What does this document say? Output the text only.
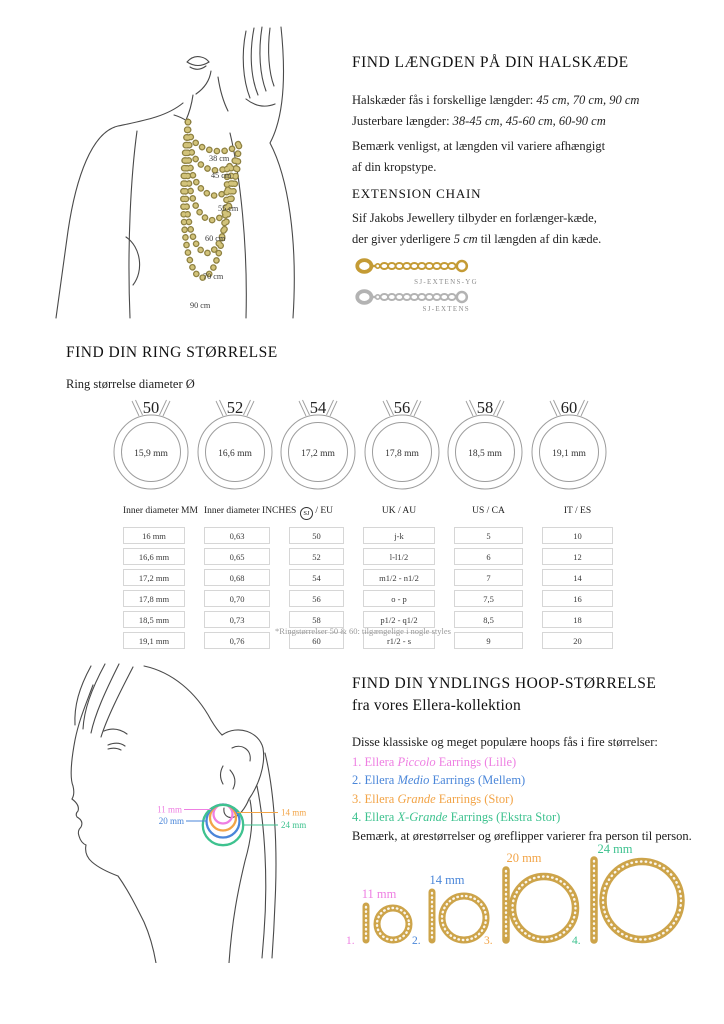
38 cm
45 cm
55 cm
60 cm
70 cm
90 cm
FIND LÆNGDEN PÅ DIN HALSKÆDE
Halskæder fås i forskellige længder: 45 cm, 70 cm, 90 cm
Justerbare længder: 38-45 cm, 45-60 cm, 60-90 cm
Bemærk venligst, at længden vil variere afhængigt
af din kropstype.
EXTENSION CHAIN
Sif Jakobs Jewellery tilbyder en forlænger-kæde,
der giver yderligere 5 cm til længden af din kæde.
SJ-EXTENS-YG
SJ-EXTENS
FIND DIN RING STØRRELSE
Ring størrelse diameter Ø
50
15,9 mm
52
16,6 mm
54
17,2 mm
56
17,8 mm
58
18,5 mm
60
19,1 mm
Inner diameter MM Inner diameter INCHES	SJ / EU	UK / AU	US / CA	IT / ES
16 mm	0,63	50	j-k	5	10
16,6 mm	0,65	52	l-l1/2	6	12
17,2 mm	0,68	54	m1/2 - n1/2	7	14
17,8 mm	0,70	56	o - p	7,5	16
18,5 mm	0,73	58	p1/2 - q1/2	8,5	18
19,1 mm	0,76	60	r1/2 - s	9	20
*Ringstørrelser 50 & 60: tilgængelige i nogle styles
11 mm
20 mm
14 mm
24 mm
FIND DIN YNDLINGS HOOP-STØRRELSE
fra vores Ellera-kollektion
Disse klassiske og meget populære hoops fås i fire størrelser:
1. Ellera Piccolo Earrings (Lille)
2. Ellera Medio Earrings (Mellem)
3. Ellera Grande Earrings (Stor)
4. Ellera X-Grande Earrings (Ekstra Stor)
Bemærk, at ørestørrelser og øreflipper varierer fra person til person.
11 mm
14 mm
20 mm
24 mm
1.	2.	3.	4.
